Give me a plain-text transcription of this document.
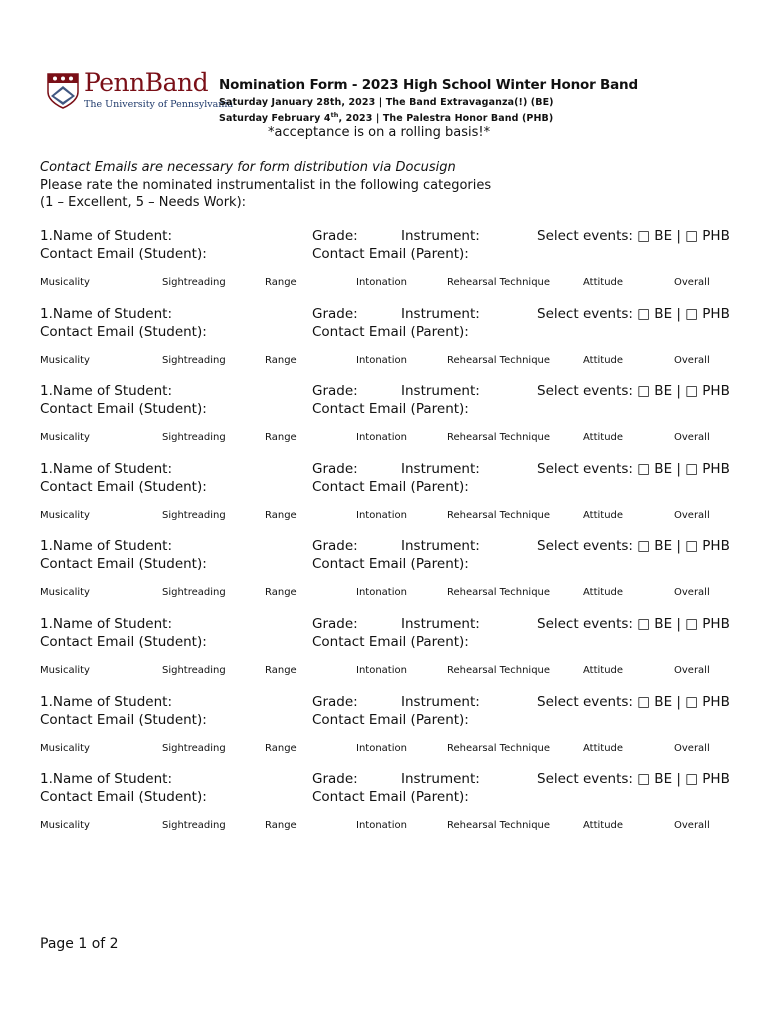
PennBand
The University of Pennsylvania
Nomination Form - 2023 High School Winter Honor Band
Saturday January 28th, 2023 | The Band Extravaganza(!) (BE)
Saturday February 4th, 2023 | The Palestra Honor Band (PHB)
*acceptance is on a rolling basis!*
Contact Emails are necessary for form distribution via Docusign
Please rate the nominated instrumentalist in the following categories
(1 – Excellent, 5 – Needs Work):
1.Name of Student:	Grade:	Instrument:	Select events: □ BE | □ PHB
Contact Email (Student):	Contact Email (Parent):
Musicality	Sightreading	Range	Intonation	Rehearsal Technique	Attitude	Overall
1.Name of Student:	Grade:	Instrument:	Select events: □ BE | □ PHB
Contact Email (Student):	Contact Email (Parent):
Musicality	Sightreading	Range	Intonation	Rehearsal Technique	Attitude	Overall
1.Name of Student:	Grade:	Instrument:	Select events: □ BE | □ PHB
Contact Email (Student):	Contact Email (Parent):
Musicality	Sightreading	Range	Intonation	Rehearsal Technique	Attitude	Overall
1.Name of Student:	Grade:	Instrument:	Select events: □ BE | □ PHB
Contact Email (Student):	Contact Email (Parent):
Musicality	Sightreading	Range	Intonation	Rehearsal Technique	Attitude	Overall
1.Name of Student:	Grade:	Instrument:	Select events: □ BE | □ PHB
Contact Email (Student):	Contact Email (Parent):
Musicality	Sightreading	Range	Intonation	Rehearsal Technique	Attitude	Overall
1.Name of Student:	Grade:	Instrument:	Select events: □ BE | □ PHB
Contact Email (Student):	Contact Email (Parent):
Musicality	Sightreading	Range	Intonation	Rehearsal Technique	Attitude	Overall
1.Name of Student:	Grade:	Instrument:	Select events: □ BE | □ PHB
Contact Email (Student):	Contact Email (Parent):
Musicality	Sightreading	Range	Intonation	Rehearsal Technique	Attitude	Overall
1.Name of Student:	Grade:	Instrument:	Select events: □ BE | □ PHB
Contact Email (Student):	Contact Email (Parent):
Musicality	Sightreading	Range	Intonation	Rehearsal Technique	Attitude	Overall
Page 1 of 2
